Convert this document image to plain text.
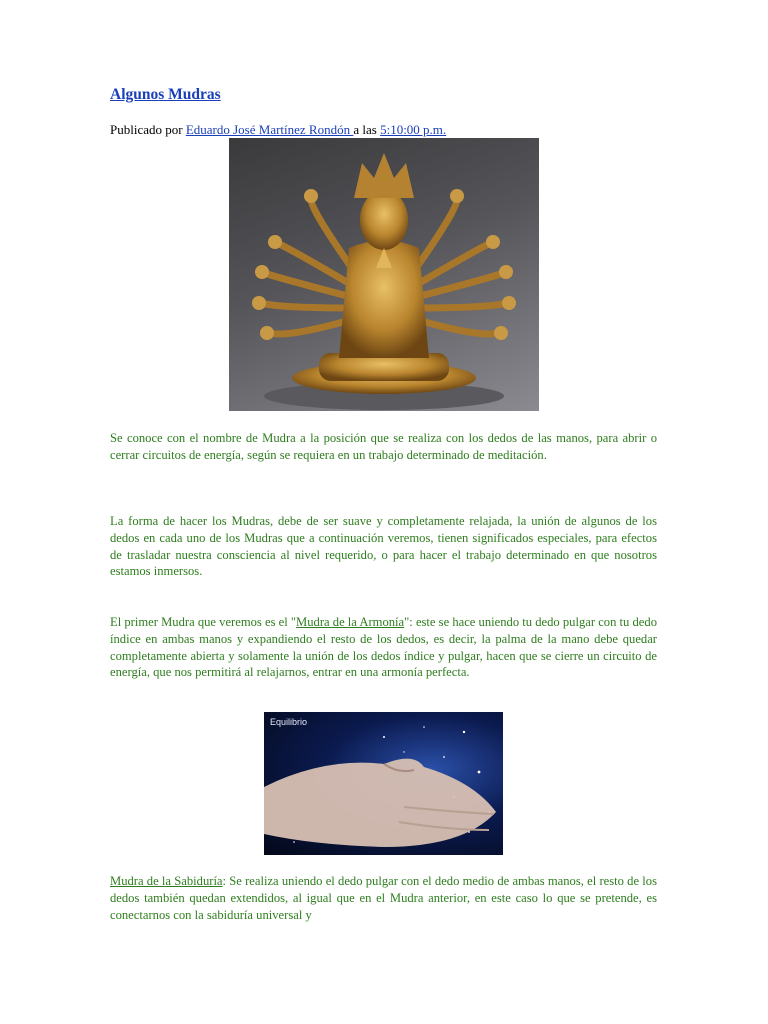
Algunos Mudras
Publicado por Eduardo José Martínez Rondón a las 5:10:00 p.m.

Se conoce con el nombre de Mudra a la posición que se realiza con los dedos de las manos, para abrir o cerrar circuitos de energía, según se requiera en un trabajo determinado de meditación.

La forma de hacer los Mudras, debe de ser suave y completamente relajada, la unión de algunos de los dedos en cada uno de los Mudras que a continuación veremos, tienen significados especiales, para efectos de trasladar nuestra consciencia al nivel requerido, o para hacer el trabajo determinado en que nosotros estamos inmersos.

El primer Mudra que veremos es el "Mudra de la Armonía": este se hace uniendo tu dedo pulgar con tu dedo índice en ambas manos y expandiendo el resto de los dedos, es decir, la palma de la mano debe quedar completamente abierta y solamente la unión de los dedos índice y pulgar, hacen que se cierre un circuito de energía, que nos permitirá al relajarnos, entrar en una armonía perfecta.

Equilibrio

Mudra de la Sabiduría: Se realiza uniendo el dedo pulgar con el dedo medio de ambas manos, el resto de los dedos también quedan extendidos, al igual que en el Mudra anterior, en este caso lo que se pretende, es conectarnos con la sabiduría universal y
